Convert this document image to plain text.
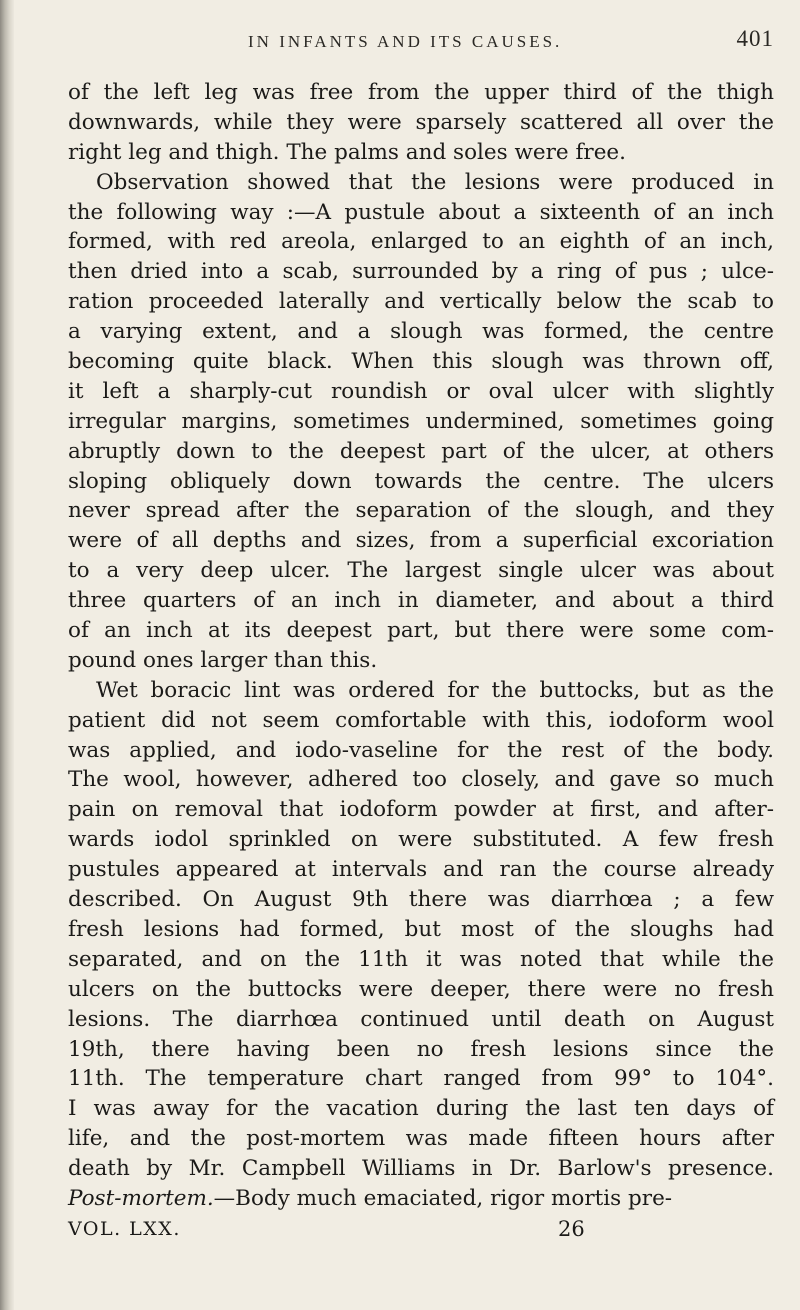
IN INFANTS AND ITS CAUSES.	401
of the left leg was free from the upper third of the thigh
downwards, while they were sparsely scattered all over the
right leg and thigh. The palms and soles were free.
Observation showed that the lesions were produced in
the following way :—A pustule about a sixteenth of an inch
formed, with red areola, enlarged to an eighth of an inch,
then dried into a scab, surrounded by a ring of pus ; ulce-
ration proceeded laterally and vertically below the scab to
a varying extent, and a slough was formed, the centre
becoming quite black. When this slough was thrown off,
it left a sharply-cut roundish or oval ulcer with slightly
irregular margins, sometimes undermined, sometimes going
abruptly down to the deepest part of the ulcer, at others
sloping obliquely down towards the centre. The ulcers
never spread after the separation of the slough, and they
were of all depths and sizes, from a superficial excoriation
to a very deep ulcer. The largest single ulcer was about
three quarters of an inch in diameter, and about a third
of an inch at its deepest part, but there were some com-
pound ones larger than this.
Wet boracic lint was ordered for the buttocks, but as the
patient did not seem comfortable with this, iodoform wool
was applied, and iodo-vaseline for the rest of the body.
The wool, however, adhered too closely, and gave so much
pain on removal that iodoform powder at first, and after-
wards iodol sprinkled on were substituted. A few fresh
pustules appeared at intervals and ran the course already
described. On August 9th there was diarrhœa ; a few
fresh lesions had formed, but most of the sloughs had
separated, and on the 11th it was noted that while the
ulcers on the buttocks were deeper, there were no fresh
lesions. The diarrhœa continued until death on August
19th, there having been no fresh lesions since the
11th. The temperature chart ranged from 99° to 104°.
I was away for the vacation during the last ten days of
life, and the post-mortem was made fifteen hours after
death by Mr. Campbell Williams in Dr. Barlow's presence.
Post-mortem.—Body much emaciated, rigor mortis pre-
VOL. LXX.	26
